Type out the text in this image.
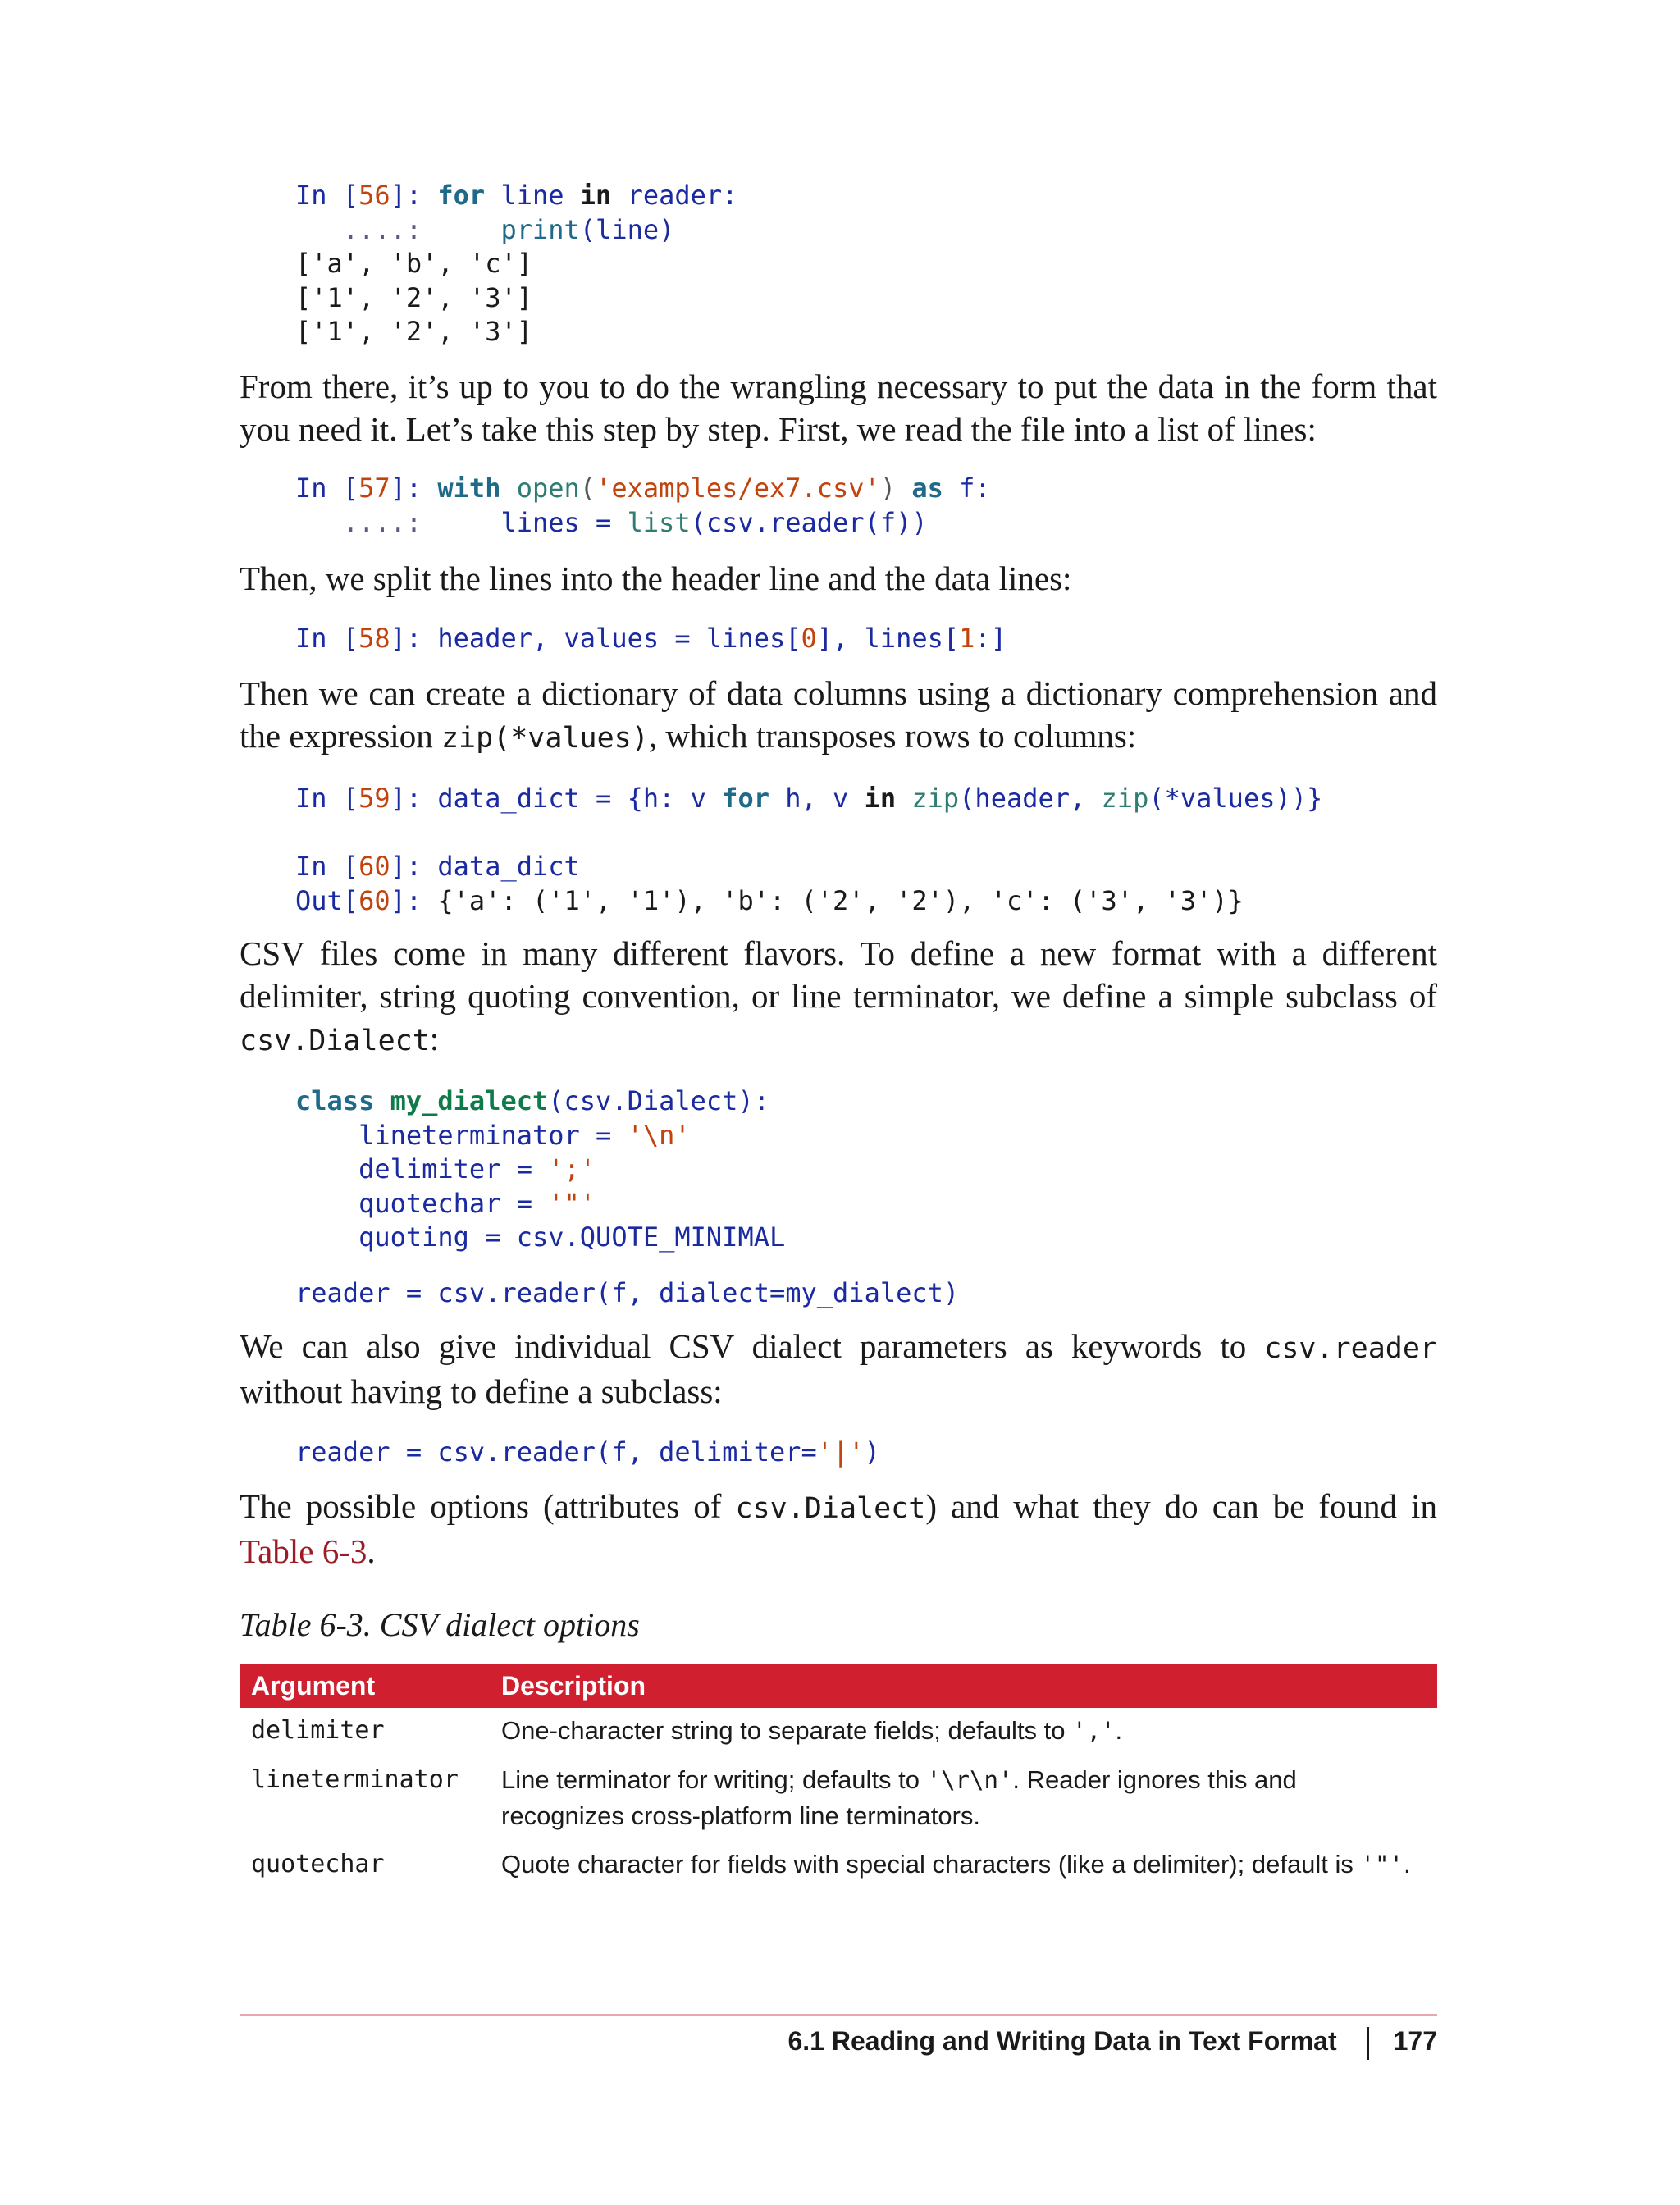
In [56]: for line in reader:
....:     print(line)
['a', 'b', 'c']
['1', '2', '3']
['1', '2', '3']

From there, it’s up to you to do the wrangling necessary to put the data in the form that you need it. Let’s take this step by step. First, we read the file into a list of lines:

In [57]: with open('examples/ex7.csv') as f:
....:     lines = list(csv.reader(f))

Then, we split the lines into the header line and the data lines:

In [58]: header, values = lines[0], lines[1:]

Then we can create a dictionary of data columns using a dictionary comprehension and the expression zip(*values), which transposes rows to columns:

In [59]: data_dict = {h: v for h, v in zip(header, zip(*values))}

In [60]: data_dict
Out[60]: {'a': ('1', '1'), 'b': ('2', '2'), 'c': ('3', '3')}

CSV files come in many different flavors. To define a new format with a different delimiter, string quoting convention, or line terminator, we define a simple subclass of csv.Dialect:

class my_dialect(csv.Dialect):
lineterminator = '\n'
delimiter = ';'
quotechar = '"'
quoting = csv.QUOTE_MINIMAL
reader = csv.reader(f, dialect=my_dialect)

We can also give individual CSV dialect parameters as keywords to csv.reader without having to define a subclass:

reader = csv.reader(f, delimiter='|')

The possible options (attributes of csv.Dialect) and what they do can be found in Table 6-3.

Table 6-3. CSV dialect options

Argument	Description
delimiter	One-character string to separate fields; defaults to ','.
lineterminator	Line terminator for writing; defaults to '\r\n'. Reader ignores this and recognizes cross-platform line terminators.
quotechar	Quote character for fields with special characters (like a delimiter); default is '"'.
6.1 Reading and Writing Data in Text Format 177
